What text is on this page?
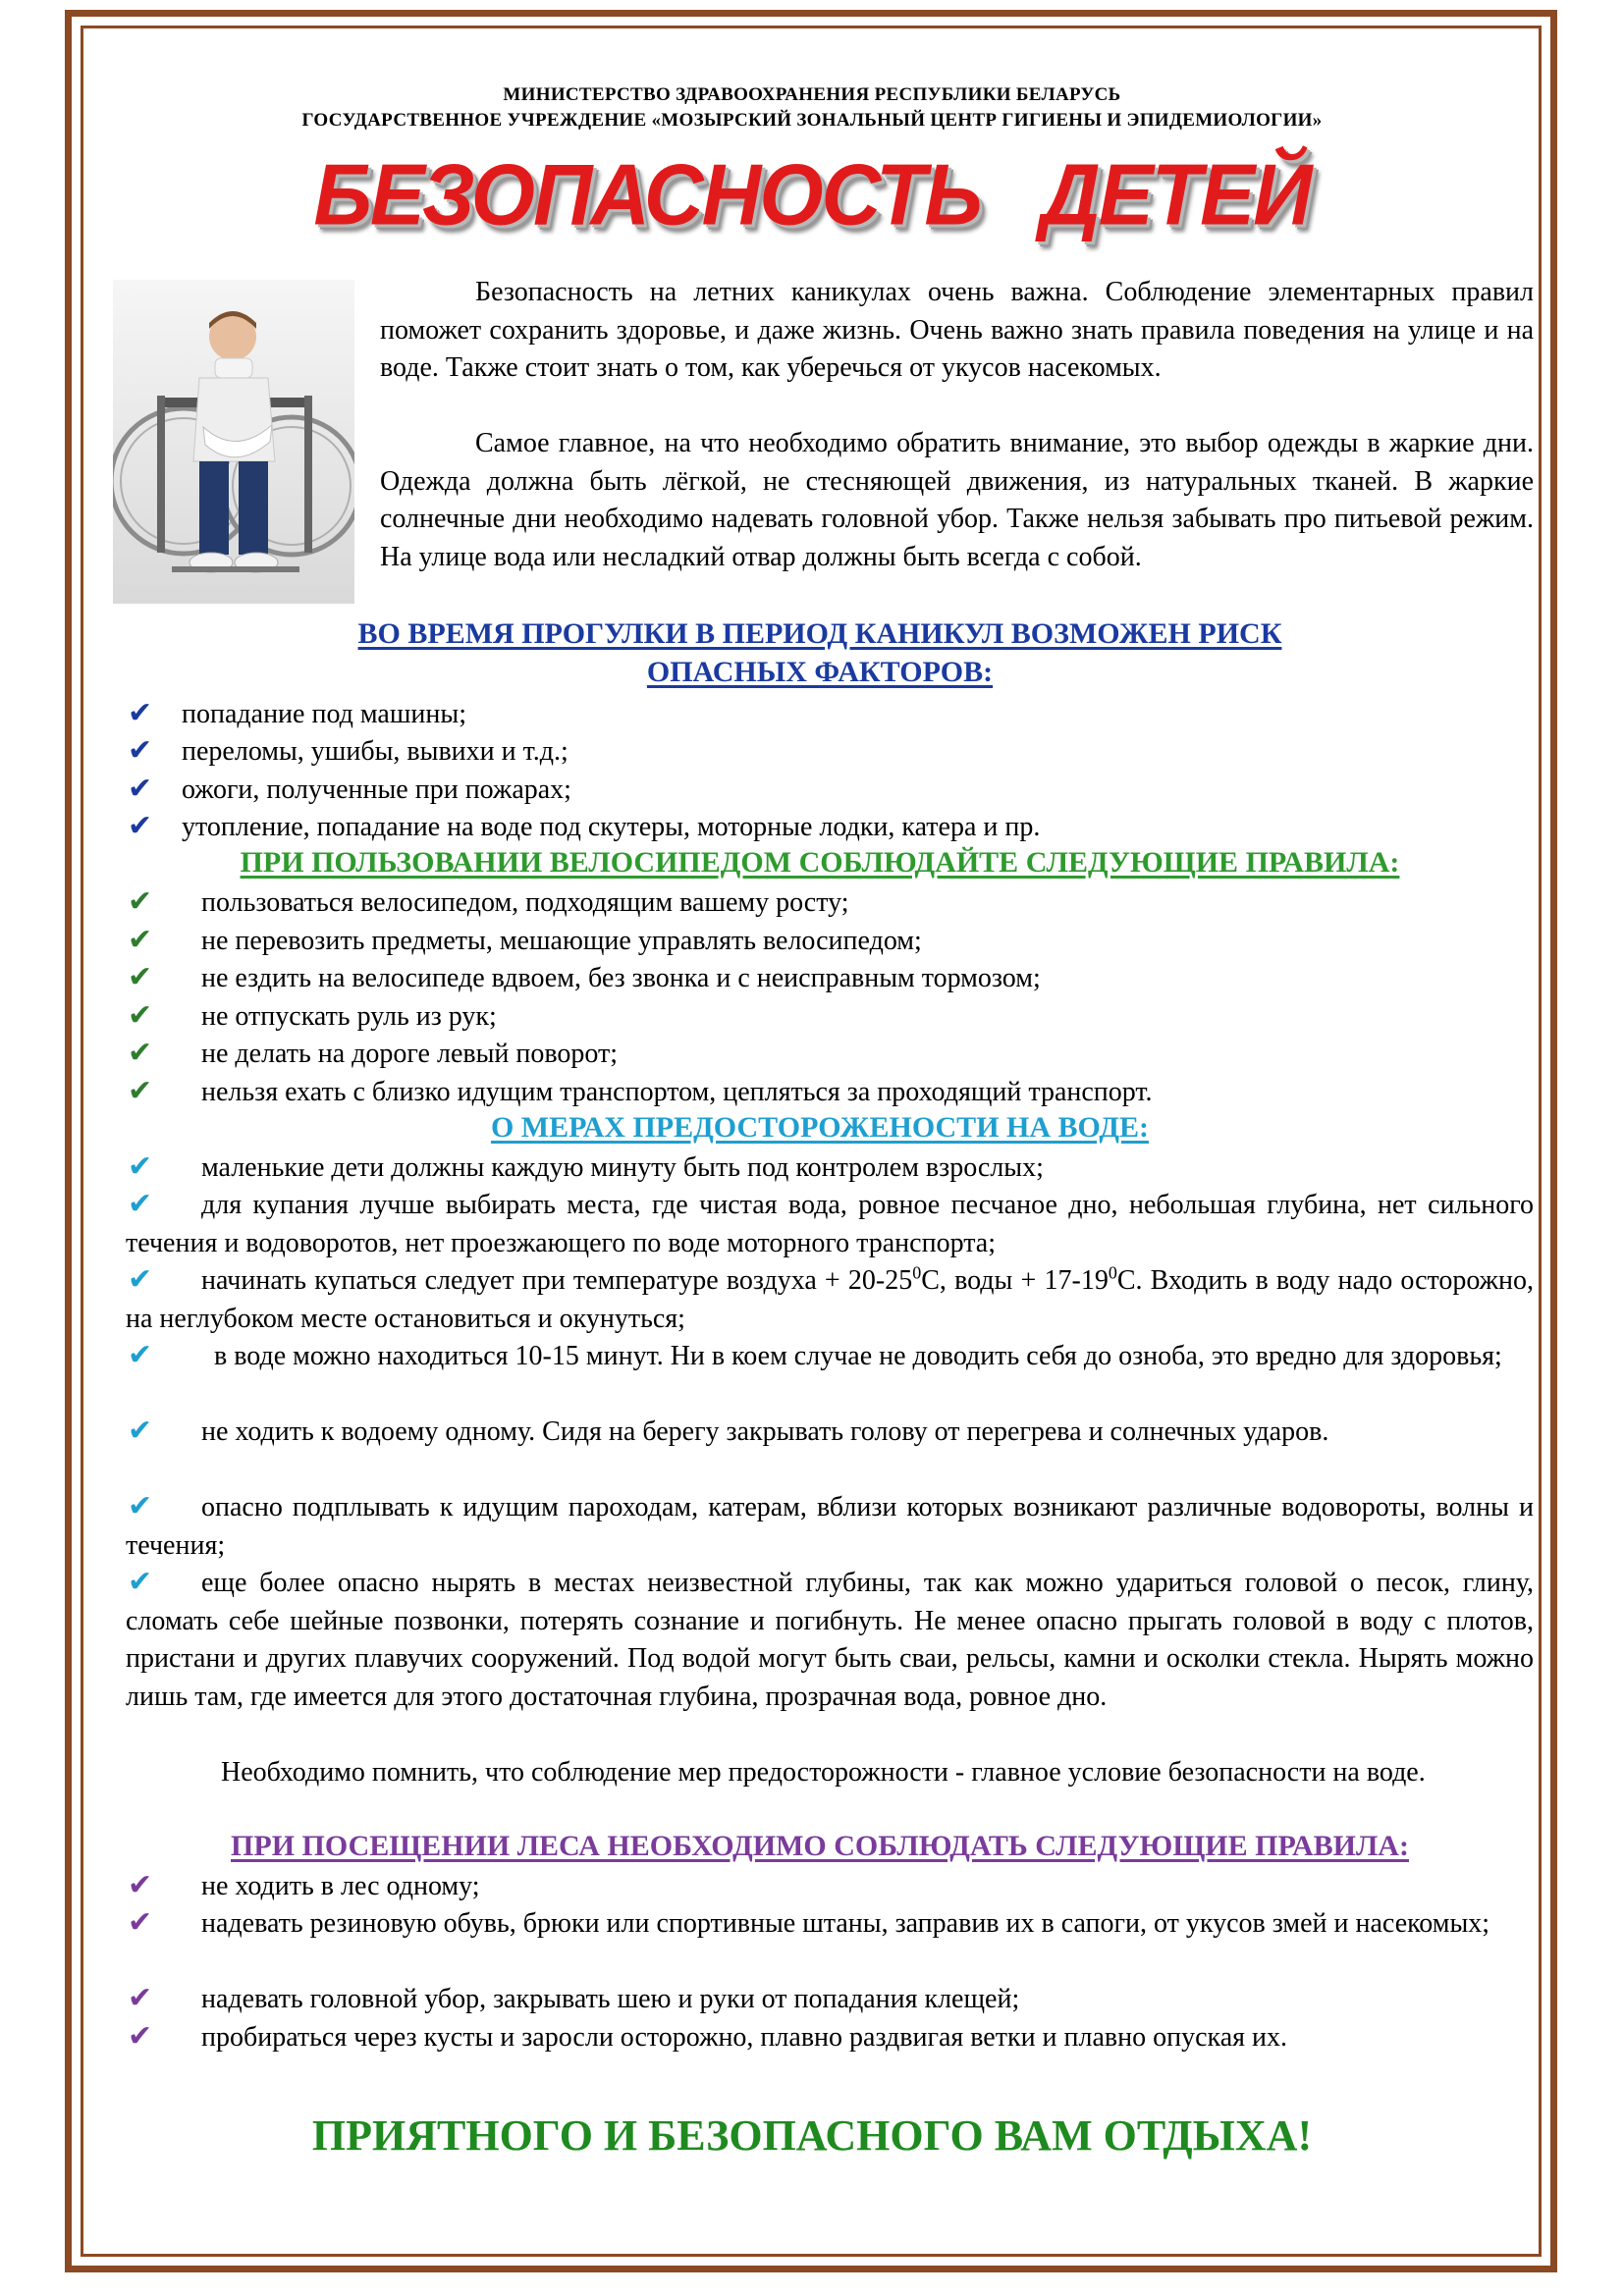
МИНИСТЕРСТВО ЗДРАВООХРАНЕНИЯ РЕСПУБЛИКИ БЕЛАРУСЬ
ГОСУДАРСТВЕННОЕ УЧРЕЖДЕНИЕ «МОЗЫРСКИЙ ЗОНАЛЬНЫЙ ЦЕНТР ГИГИЕНЫ И ЭПИДЕМИОЛОГИИ»
БЕЗОПАСНОСТЬ ДЕТЕЙ

Безопасность на летних каникулах очень важна. Соблюдение элементарных правил поможет сохранить здоровье, и даже жизнь. Очень важно знать правила поведения на улице и на воде. Также стоит знать о том, как уберечься от укусов насекомых.

Самое главное, на что необходимо обратить внимание, это выбор одежды в жаркие дни. Одежда должна быть лёгкой, не стесняющей движения, из натуральных тканей. В жаркие солнечные дни необходимо надевать головной убор. Также нельзя забывать про питьевой режим. На улице вода или несладкий отвар должны быть всегда с собой.

ВО ВРЕМЯ ПРОГУЛКИ В ПЕРИОД КАНИКУЛ ВОЗМОЖЕН РИСК
ОПАСНЫХ ФАКТОРОВ:
✔ попадание под машины;

✔ переломы, ушибы, вывихи и т.д.;

✔ ожоги, полученные при пожарах;

✔ утопление, попадание на воде под скутеры, моторные лодки, катера и пр.

ПРИ ПОЛЬЗОВАНИИ ВЕЛОСИПЕДОМ СОБЛЮДАЙТЕ СЛЕДУЮЩИЕ ПРАВИЛА:
✔ пользоваться велосипедом, подходящим вашему росту;

✔ не перевозить предметы, мешающие управлять велосипедом;

✔ не ездить на велосипеде вдвоем, без звонка и с неисправным тормозом;

✔ не отпускать руль из рук;

✔ не делать на дороге левый поворот;

✔ нельзя ехать с близко идущим транспортом, цепляться за проходящий транспорт.

О МЕРАХ ПРЕДОСТОРОЖЕНОСТИ НА ВОДЕ:
✔ маленькие дети должны каждую минуту быть под контролем взрослых;

✔	для купания лучше выбирать места, где чистая вода, ровное песчаное дно, небольшая глубина, нет сильного течения и водоворотов, нет проезжающего по воде моторного транспорта;

✔	начинать купаться следует при температуре воздуха + $20-25^0С$, воды + $17-19^0С$. Входить в воду надо осторожно, на неглубоком месте остановиться и окунуться;

✔	в воде можно находиться 10-15 минут. Ни в коем случае не доводить себя до озноба, это вредно для здоровья;

✔	не ходить к водоему одному. Сидя на берегу закрывать голову от перегрева и солнечных ударов.

✔	опасно подплывать к идущим пароходам, катерам, вблизи которых возникают различные водовороты, волны и течения;

✔	еще более опасно нырять в местах неизвестной глубины, так как можно удариться головой о песок, глину, сломать себе шейные позвонки, потерять сознание и погибнуть. Не менее опасно прыгать головой в воду с плотов, пристани и других плавучих сооружений. Под водой могут быть сваи, рельсы, камни и осколки стекла. Нырять можно лишь там, где имеется для этого достаточная глубина, прозрачная вода, ровное дно.

Необходимо помнить, что соблюдение мер предосторожности - главное условие безопасности на воде.

ПРИ ПОСЕЩЕНИИ ЛЕСА НЕОБХОДИМО СОБЛЮДАТЬ СЛЕДУЮЩИЕ ПРАВИЛА:
✔ не ходить в лес одному;

✔	надевать резиновую обувь, брюки или спортивные штаны, заправив их в сапоги, от укусов змей и насекомых;

✔ надевать головной убор, закрывать шею и руки от попадания клещей;

✔ пробираться через кусты и заросли осторожно, плавно раздвигая ветки и плавно опуская их.

ПРИЯТНОГО И БЕЗОПАСНОГО ВАМ ОТДЫХА!
